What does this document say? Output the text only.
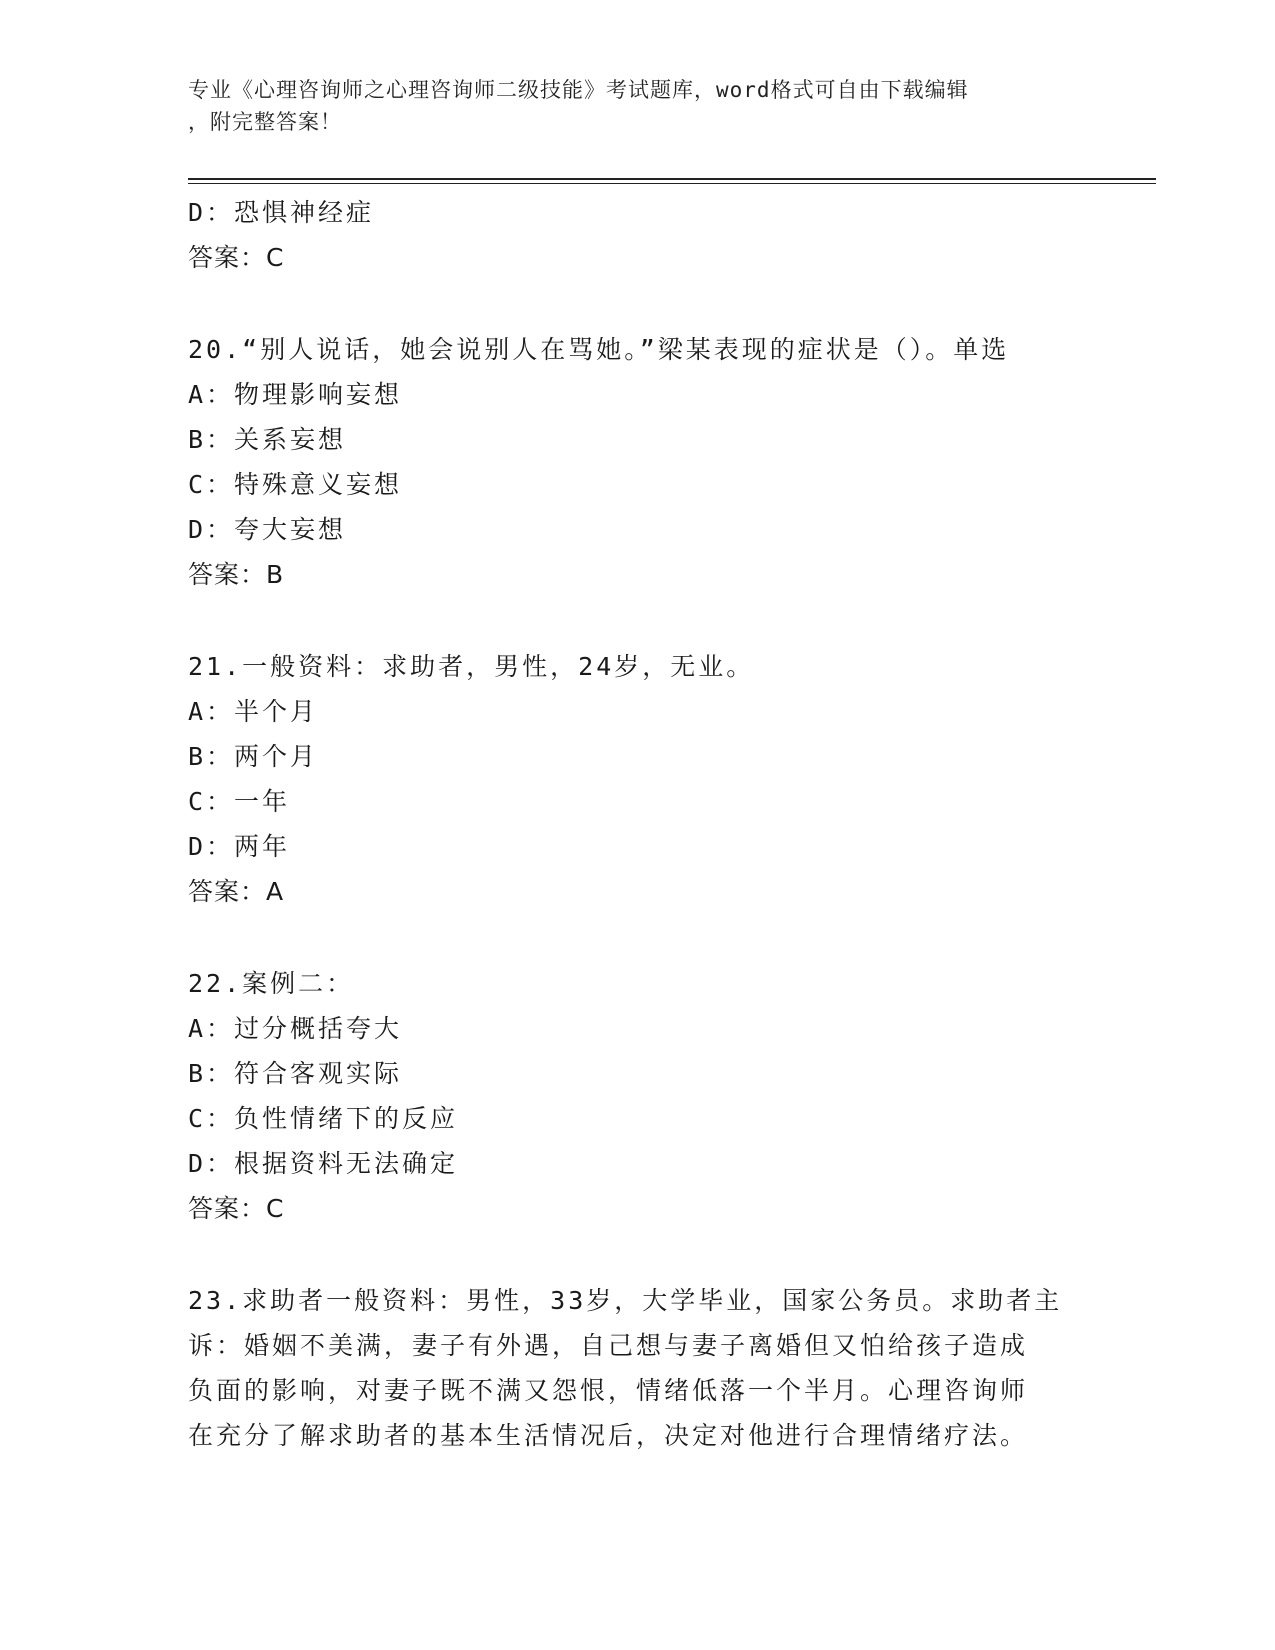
专业《心理咨询师之心理咨询师二级技能》考试题库，word格式可自由下载编辑
，附完整答案！
D：恐惧神经症
答案：C
20.“别人说话，她会说别人在骂她。”梁某表现的症状是（）。单选
A：物理影响妄想
B：关系妄想
C：特殊意义妄想
D：夸大妄想
答案：B
21.一般资料：求助者，男性，24岁，无业。
A：半个月
B：两个月
C：一年
D：两年
答案：A
22.案例二：
A：过分概括夸大
B：符合客观实际
C：负性情绪下的反应
D：根据资料无法确定
答案：C
23.求助者一般资料：男性，33岁，大学毕业，国家公务员。求助者主
诉：婚姻不美满，妻子有外遇，自己想与妻子离婚但又怕给孩子造成
负面的影响，对妻子既不满又怨恨，情绪低落一个半月。心理咨询师
在充分了解求助者的基本生活情况后，决定对他进行合理情绪疗法。
